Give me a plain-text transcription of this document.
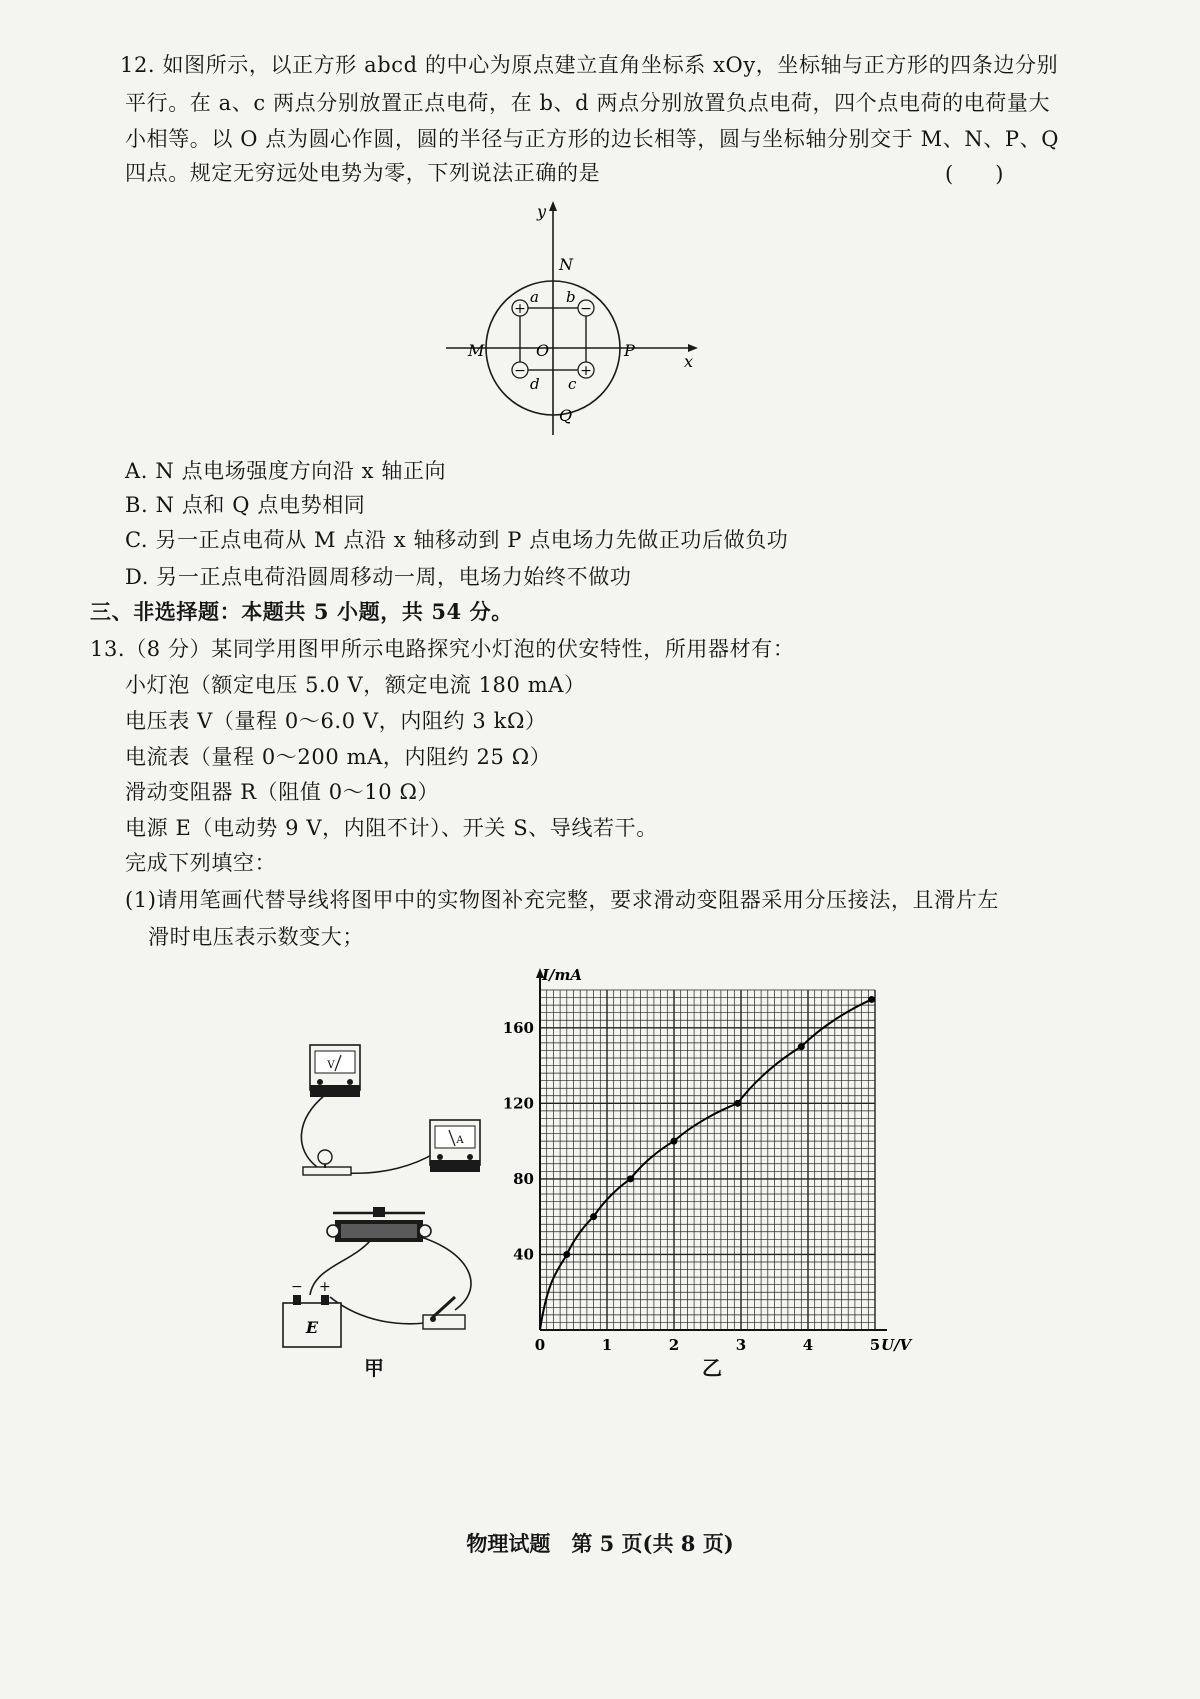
12. 如图所示，以正方形 abcd 的中心为原点建立直角坐标系 xOy，坐标轴与正方形的四条边分别
平行。在 a、c 两点分别放置正点电荷，在 b、d 两点分别放置负点电荷，四个点电荷的电荷量大
小相等。以 O 点为圆心作圆，圆的半径与正方形的边长相等，圆与坐标轴分别交于 M、N、P、Q
四点。规定无穷远处电势为零，下列说法正确的是	(　　)
+	−
+
−
y
x
N
M	O	P
Q
a b
c
d
A. N 点电场强度方向沿 x 轴正向
B. N 点和 Q 点电势相同
C. 另一正点电荷从 M 点沿 x 轴移动到 P 点电场力先做正功后做负功
D. 另一正点电荷沿圆周移动一周，电场力始终不做功
三、非选择题：本题共 5 小题，共 54 分。
13.（8 分）某同学用图甲所示电路探究小灯泡的伏安特性，所用器材有：
小灯泡（额定电压 5.0 V，额定电流 180 mA）
电压表 V（量程 0～6.0 V，内阻约 3 kΩ）
电流表（量程 0～200 mA，内阻约 25 Ω）
滑动变阻器 R（阻值 0～10 Ω）
电源 E（电动势 9 V，内阻不计）、开关 S、导线若干。
完成下列填空：
(1)请用笔画代替导线将图甲中的实物图补充完整，要求滑动变阻器采用分压接法，且滑片左
滑时电压表示数变大；
V
A
− +
E
甲
0	1	2	3	4	5
40
80
120
160
I/mA
U/V
乙
物理试题　第 5 页(共 8 页)
